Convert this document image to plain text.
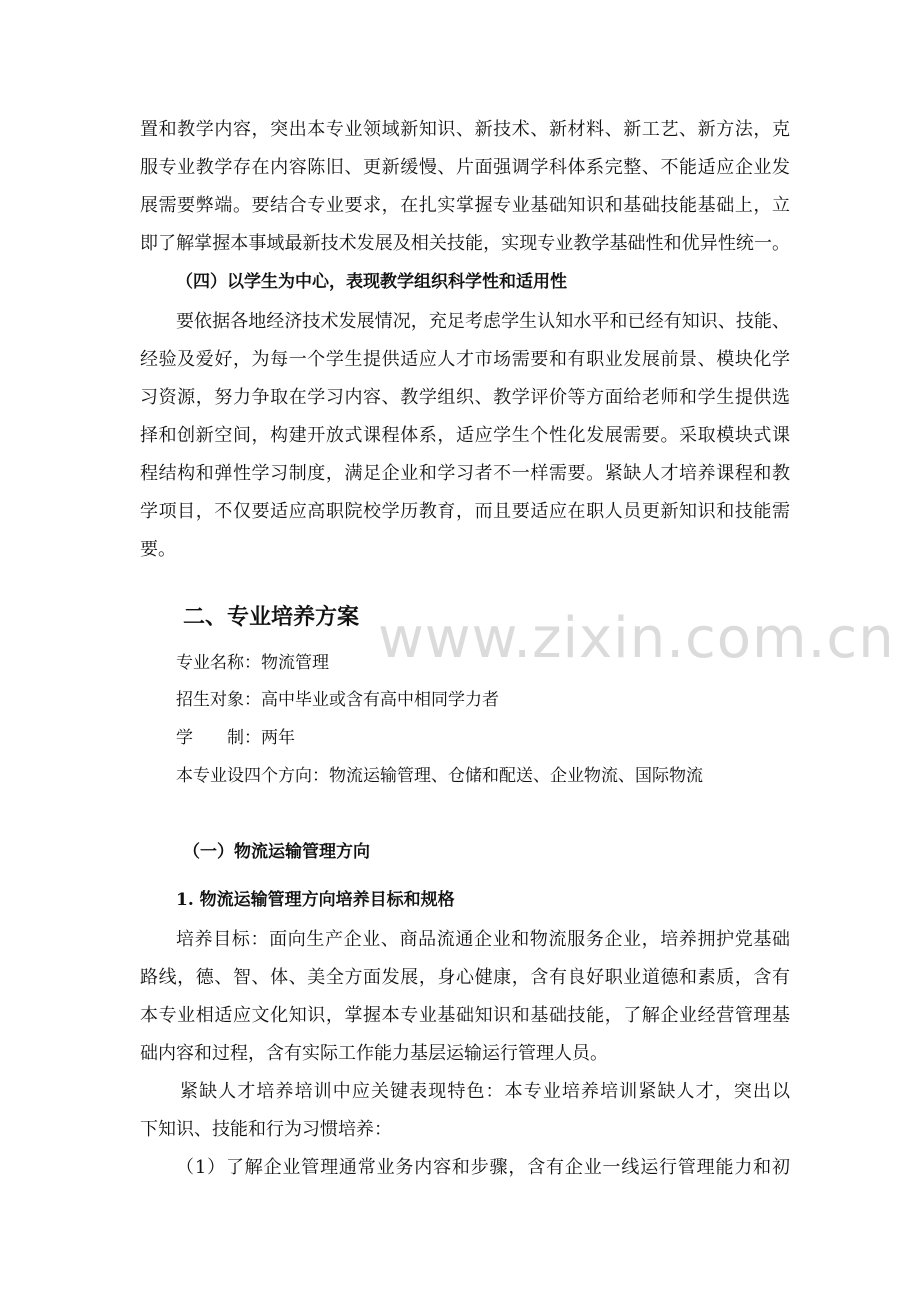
置和教学内容，突出本专业领域新知识、新技术、新材料、新工艺、新方法，克
服专业教学存在内容陈旧、更新缓慢、片面强调学科体系完整、不能适应企业发
展需要弊端。要结合专业要求，在扎实掌握专业基础知识和基础技能基础上，立
即了解掌握本事域最新技术发展及相关技能，实现专业教学基础性和优异性统一。
（四）以学生为中心，表现教学组织科学性和适用性
要依据各地经济技术发展情况，充足考虑学生认知水平和已经有知识、技能、
经验及爱好，为每一个学生提供适应人才市场需要和有职业发展前景、模块化学
习资源，努力争取在学习内容、教学组织、教学评价等方面给老师和学生提供选
择和创新空间，构建开放式课程体系，适应学生个性化发展需要。采取模块式课
程结构和弹性学习制度，满足企业和学习者不一样需要。紧缺人才培养课程和教
学项目，不仅要适应高职院校学历教育，而且要适应在职人员更新知识和技能需
要。
www.zixin.com.cn
二、专业培养方案
专业名称：物流管理
招生对象：高中毕业或含有高中相同学力者
学　　制：两年
本专业设四个方向：物流运输管理、仓储和配送、企业物流、国际物流
（一）物流运输管理方向
1. 物流运输管理方向培养目标和规格
培养目标：面向生产企业、商品流通企业和物流服务企业，培养拥护党基础
路线，德、智、体、美全方面发展，身心健康，含有良好职业道德和素质，含有
本专业相适应文化知识，掌握本专业基础知识和基础技能，了解企业经营管理基
础内容和过程，含有实际工作能力基层运输运行管理人员。
紧缺人才培养培训中应关键表现特色：本专业培养培训紧缺人才，突出以
下知识、技能和行为习惯培养：
（1）了解企业管理通常业务内容和步骤，含有企业一线运行管理能力和初
